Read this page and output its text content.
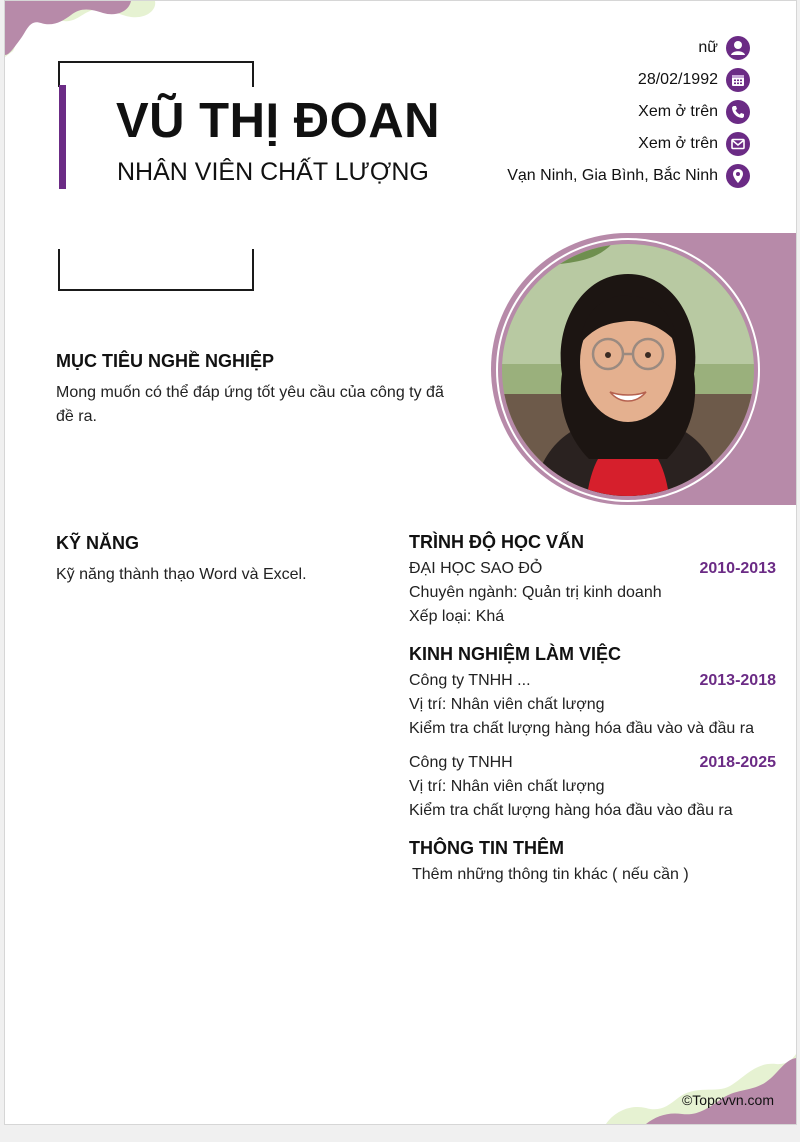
VŨ THỊ ĐOAN
NHÂN VIÊN CHẤT LƯỢNG
nữ
28/02/1992
Xem ở trên
Xem ở trên
Vạn Ninh, Gia Bình, Bắc Ninh
MỤC TIÊU NGHỀ NGHIỆP
Mong muốn có thể đáp ứng tốt yêu cầu của công ty đã đề ra.
KỸ NĂNG
Kỹ năng thành thạo Word và Excel.
TRÌNH ĐỘ HỌC VẤN
ĐẠI HỌC SAO ĐỎ	2010-2013
Chuyên ngành: Quản trị kinh doanh
Xếp loại: Khá
KINH NGHIỆM LÀM VIỆC
Công ty TNHH ...	2013-2018
Vị trí: Nhân viên chất lượng
Kiểm tra chất lượng hàng hóa đầu vào và đầu ra
Công ty TNHH	2018-2025
Vị trí: Nhân viên chất lượng
Kiểm tra chất lượng hàng hóa đầu vào đầu ra
THÔNG TIN THÊM
Thêm những thông tin khác ( nếu cần )
©Topcvvn.com
